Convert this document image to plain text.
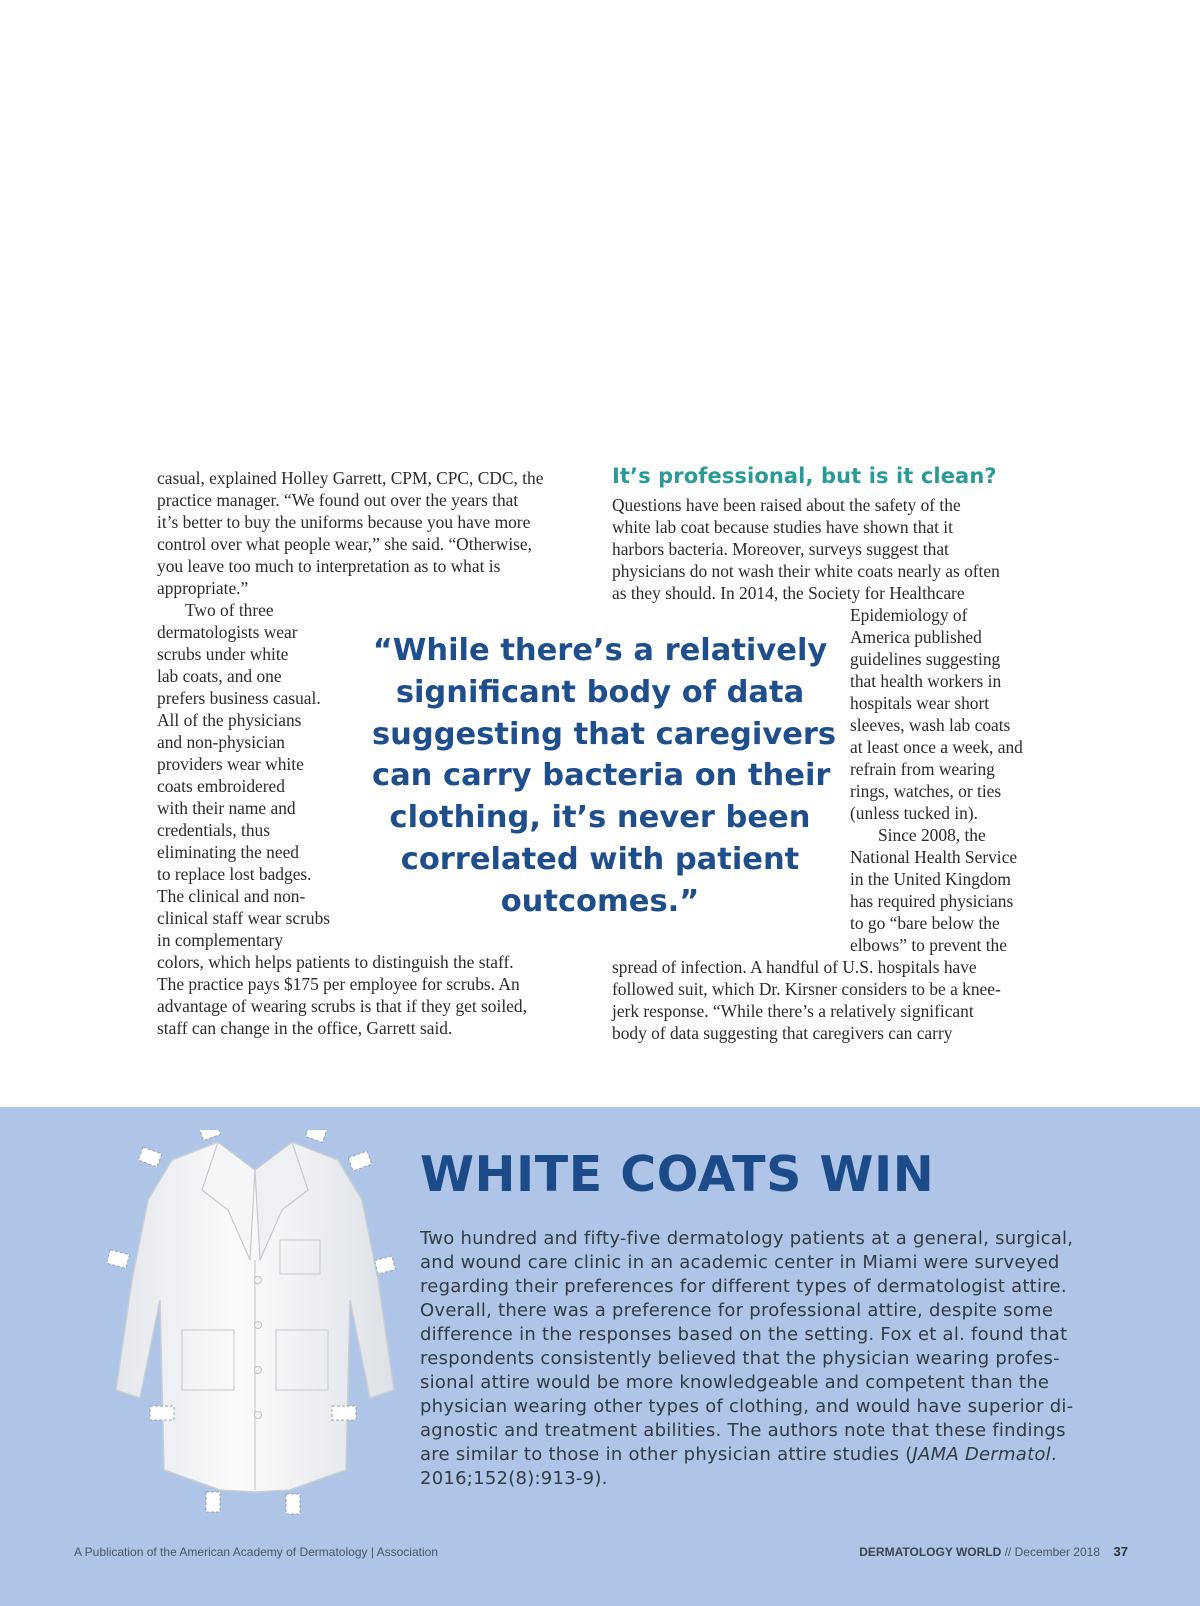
casual, explained Holley Garrett, CPM, CPC, CDC, the
practice manager. “We found out over the years that
it’s better to buy the uniforms because you have more
control over what people wear,” she said. “Otherwise,
you leave too much to interpretation as to what is
appropriate.”
Two of three
dermatologists wear
scrubs under white
lab coats, and one
prefers business casual.
All of the physicians
and non-physician
providers wear white
coats embroidered
with their name and
credentials, thus
eliminating the need
to replace lost badges.
The clinical and non-
clinical staff wear scrubs
in complementary
colors, which helps patients to distinguish the staff.
The practice pays $175 per employee for scrubs. An
advantage of wearing scrubs is that if they get soiled,
staff can change in the office, Garrett said.
It’s professional, but is it clean?
Questions have been raised about the safety of the
white lab coat because studies have shown that it
harbors bacteria. Moreover, surveys suggest that
physicians do not wash their white coats nearly as often
as they should. In 2014, the Society for Healthcare
Epidemiology of
America published
guidelines suggesting
that health workers in
hospitals wear short
sleeves, wash lab coats
at least once a week, and
refrain from wearing
rings, watches, or ties
(unless tucked in).
Since 2008, the
National Health Service
in the United Kingdom
has required physicians
to go “bare below the
elbows” to prevent the
spread of infection. A handful of U.S. hospitals have
followed suit, which Dr. Kirsner considers to be a knee-
jerk response. “While there’s a relatively significant
body of data suggesting that caregivers can carry
“While there’s a relatively
significant body of data
suggesting that caregivers
can carry bacteria on their
clothing, it’s never been
correlated with patient
outcomes.”
WHITE COATS WIN
Two hundred and fifty-five dermatology patients at a general, surgical,
and wound care clinic in an academic center in Miami were surveyed
regarding their preferences for different types of dermatologist attire.
Overall, there was a preference for professional attire, despite some
difference in the responses based on the setting. Fox et al. found that
respondents consistently believed that the physician wearing profes-
sional attire would be more knowledgeable and competent than the
physician wearing other types of clothing, and would have superior di-
agnostic and treatment abilities. The authors note that these findings
are similar to those in other physician attire studies (JAMA Dermatol.
2016;152(8):913-9).
A Publication of the American Academy of Dermatology | Association	DERMATOLOGY WORLD // December 2018 37
